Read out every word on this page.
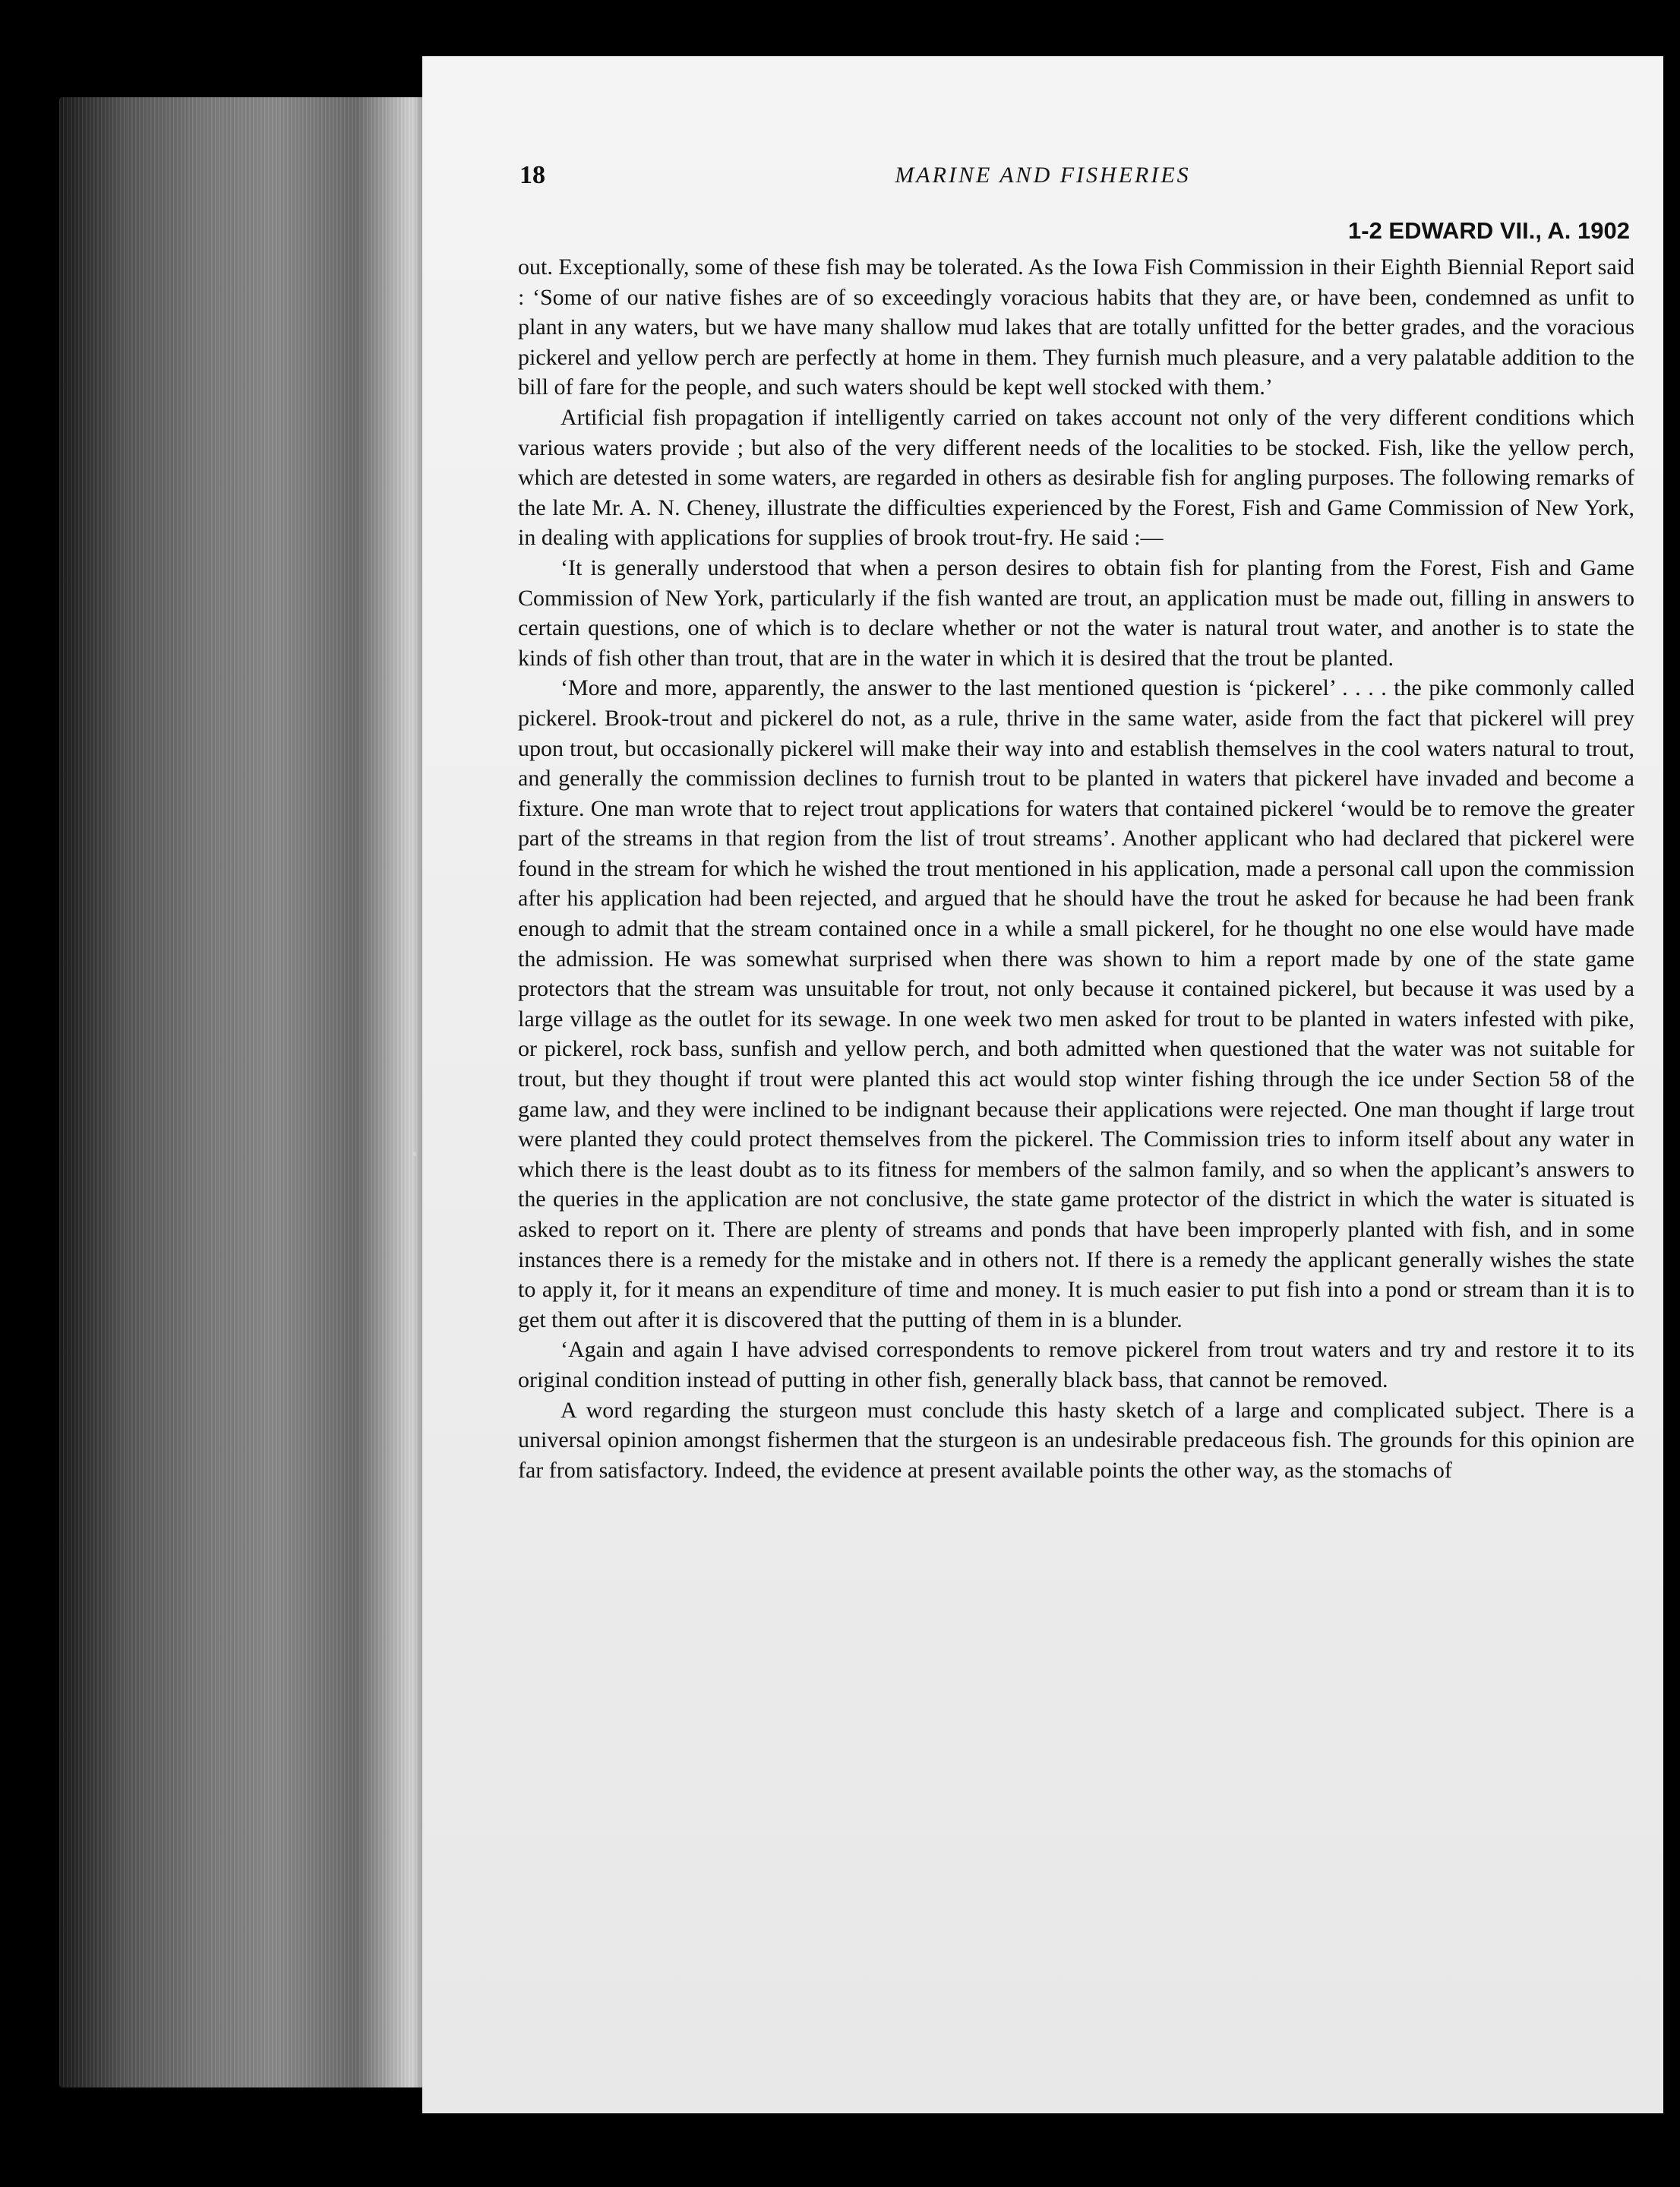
18	MARINE AND FISHERIES
1-2 EDWARD VII., A. 1902

out. Exceptionally, some of these fish may be tolerated. As the Iowa Fish Commission in their Eighth Biennial Report said : ‘Some of our native fishes are of so exceedingly voracious habits that they are, or have been, condemned as unfit to plant in any waters, but we have many shallow mud lakes that are totally unfitted for the better grades, and the voracious pickerel and yellow perch are perfectly at home in them. They furnish much pleasure, and a very palatable addition to the bill of fare for the people, and such waters should be kept well stocked with them.’

Artificial fish propagation if intelligently carried on takes account not only of the very different conditions which various waters provide ; but also of the very different needs of the localities to be stocked. Fish, like the yellow perch, which are detested in some waters, are regarded in others as desirable fish for angling purposes. The following remarks of the late Mr. A. N. Cheney, illustrate the difficulties experienced by the Forest, Fish and Game Commission of New York, in dealing with applications for supplies of brook trout-fry. He said :—

‘It is generally understood that when a person desires to obtain fish for planting from the Forest, Fish and Game Commission of New York, particularly if the fish wanted are trout, an application must be made out, filling in answers to certain questions, one of which is to declare whether or not the water is natural trout water, and another is to state the kinds of fish other than trout, that are in the water in which it is desired that the trout be planted.

‘More and more, apparently, the answer to the last mentioned question is ‘pickerel’ . . . . the pike commonly called pickerel. Brook-trout and pickerel do not, as a rule, thrive in the same water, aside from the fact that pickerel will prey upon trout, but occasionally pickerel will make their way into and establish themselves in the cool waters natural to trout, and generally the commission declines to furnish trout to be planted in waters that pickerel have invaded and become a fixture. One man wrote that to reject trout applications for waters that contained pickerel ‘would be to remove the greater part of the streams in that region from the list of trout streams’. Another applicant who had declared that pickerel were found in the stream for which he wished the trout mentioned in his application, made a personal call upon the commission after his application had been rejected, and argued that he should have the trout he asked for because he had been frank enough to admit that the stream contained once in a while a small pickerel, for he thought no one else would have made the admission. He was somewhat surprised when there was shown to him a report made by one of the state game protectors that the stream was unsuitable for trout, not only because it contained pickerel, but because it was used by a large village as the outlet for its sewage. In one week two men asked for trout to be planted in waters infested with pike, or pickerel, rock bass, sunfish and yellow perch, and both admitted when questioned that the water was not suitable for trout, but they thought if trout were planted this act would stop winter fishing through the ice under Section 58 of the game law, and they were inclined to be indignant because their applications were rejected. One man thought if large trout were planted they could protect themselves from the pickerel. The Commission tries to inform itself about any water in which there is the least doubt as to its fitness for members of the salmon family, and so when the applicant’s answers to the queries in the application are not conclusive, the state game protector of the district in which the water is situated is asked to report on it. There are plenty of streams and ponds that have been improperly planted with fish, and in some instances there is a remedy for the mistake and in others not. If there is a remedy the applicant generally wishes the state to apply it, for it means an expenditure of time and money. It is much easier to put fish into a pond or stream than it is to get them out after it is discovered that the putting of them in is a blunder.

‘Again and again I have advised correspondents to remove pickerel from trout waters and try and restore it to its original condition instead of putting in other fish, generally black bass, that cannot be removed.

A word regarding the sturgeon must conclude this hasty sketch of a large and complicated subject. There is a universal opinion amongst fishermen that the sturgeon is an undesirable predaceous fish. The grounds for this opinion are far from satisfactory. Indeed, the evidence at present available points the other way, as the stomachs of
